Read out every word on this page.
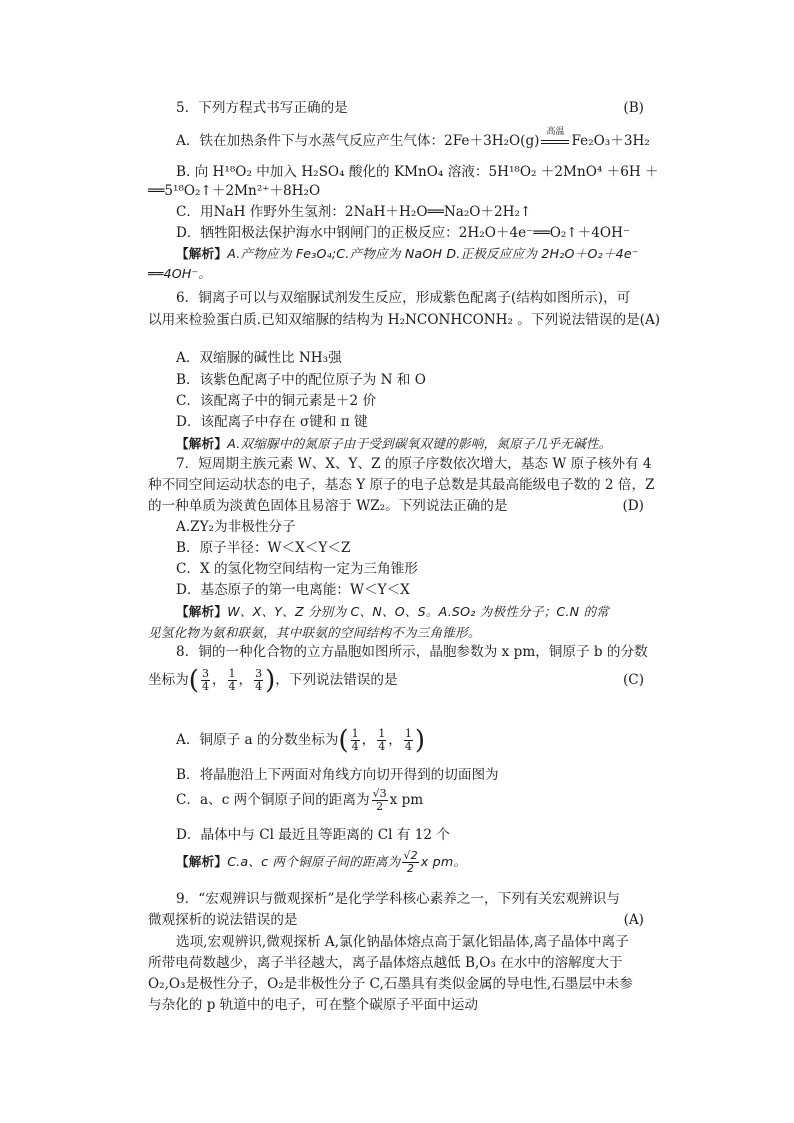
5．下列方程式书写正确的是	(B)
A．铁在加热条件下与水蒸气反应产生气体：2Fe＋3H₂O(g)
高温
Fe₂O₃＋3H₂
B. 向 H¹⁸O₂ 中加入 H₂SO₄ 酸化的 KMnO₄ 溶液：5H¹⁸O₂ ＋2MnO⁴ ＋6H ＋
══5¹⁸O₂↑＋2Mn²⁺＋8H₂O
C．用NaH 作野外生氢剂：2NaH＋H₂O══Na₂O＋2H₂↑
D．牺牲阳极法保护海水中钢闸门的正极反应：2H₂O＋4e⁻══O₂↑＋4OH⁻
【解析】A.产物应为 Fe₃O₄;C.产物应为 NaOH D.正极反应应为 2H₂O＋O₂＋4e⁻
══4OH⁻。
6．铜离子可以与双缩脲试剂发生反应，形成紫色配离子(结构如图所示)，可
以用来检验蛋白质.已知双缩脲的结构为 H₂NCONHCONH₂ 。下列说法错误的是(A)
A．双缩脲的碱性比 NH₃强
B．该紫色配离子中的配位原子为 N 和 O
C．该配离子中的铜元素是＋2 价
D．该配离子中存在 σ键和 π 键
【解析】A.双缩脲中的氮原子由于受到碳氧双键的影响，氮原子几乎无碱性。
7．短周期主族元素 W、X、Y、Z 的原子序数依次增大，基态 W 原子核外有 4
种不同空间运动状态的电子，基态 Y 原子的电子总数是其最高能级电子数的 2 倍，Z
的一种单质为淡黄色固体且易溶于 WZ₂。下列说法正确的是	(D)
A.ZY₂为非极性分子
B．原子半径：W＜X＜Y＜Z
C．X 的氢化物空间结构一定为三角锥形
D．基态原子的第一电离能：W＜Y＜X
【解析】W、X、Y、Z 分别为 C、N、O、S。A.SO₂ 为极性分子；C.N 的常
见氢化物为氨和联氨，其中联氨的空间结构不为三角锥形。
8．铜的一种化合物的立方晶胞如图所示，晶胞参数为 x pm，铜原子 b 的分数
坐标为( $\frac{3}{4}$ ， $\frac{1}{4}$ ， $\frac{3}{4}$ )，下列说法错误的是	(C)
A．铜原子 a 的分数坐标为( $\frac{1}{4}$ ， $\frac{1}{4}$ ， $\frac{1}{4}$ )
B．将晶胞沿上下两面对角线方向切开得到的切面图为
C．a、c 两个铜原子间的距离为 $\frac{√3}{2}$ x pm
D．晶体中与 Cl 最近且等距离的 Cl 有 12 个
【解析】C.a、c 两个铜原子间的距离为 $\frac{√2}{2}$ x pm。
9．“宏观辨识与微观探析”是化学学科核心素养之一，下列有关宏观辨识与
微观探析的说法错误的是	(A)
选项,宏观辨识,微观探析 A,氯化钠晶体熔点高于氯化铝晶体,离子晶体中离子
所带电荷数越少，离子半径越大，离子晶体熔点越低 B,O₃ 在水中的溶解度大于
O₂,O₃是极性分子，O₂是非极性分子 C,石墨具有类似金属的导电性,石墨层中未参
与杂化的 p 轨道中的电子，可在整个碳原子平面中运动
